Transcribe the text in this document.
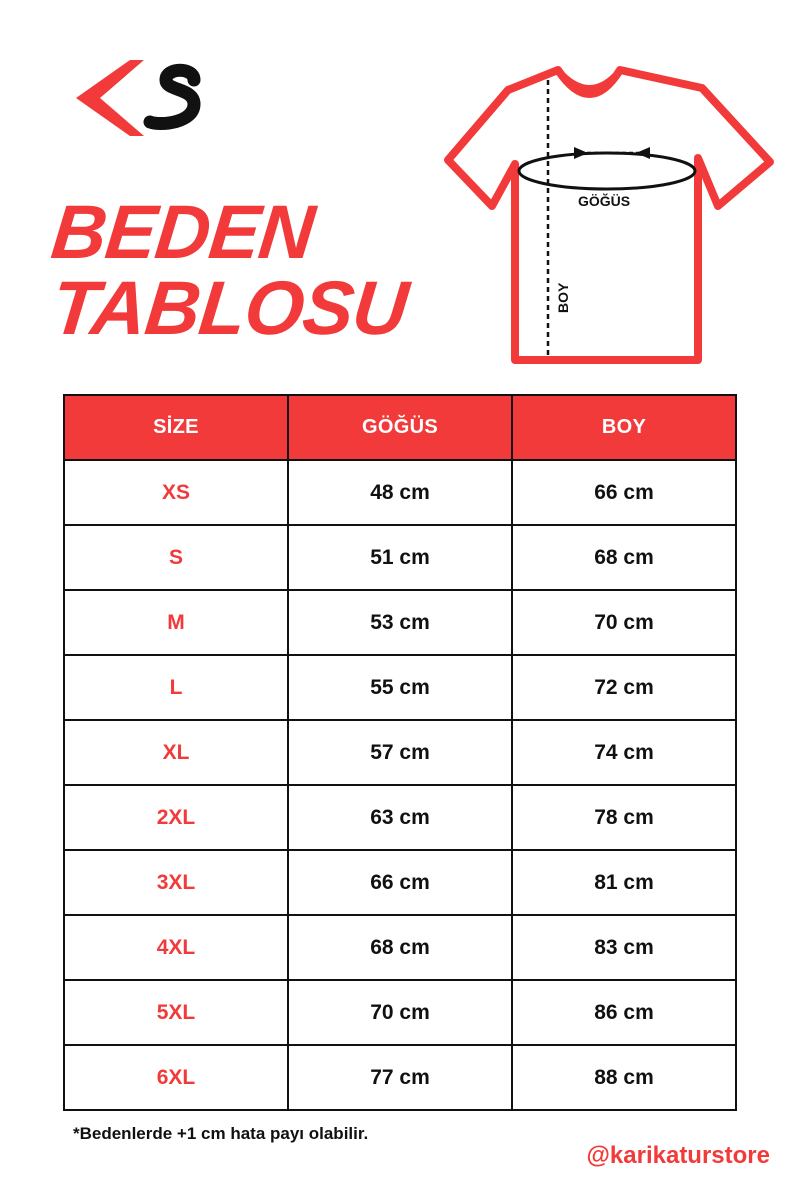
BEDEN
TABLOSU
GÖĞÜS
BOY
SİZE	GÖĞÜS	BOY
XS	48 cm	66 cm
S	51 cm	68 cm
M	53 cm	70 cm
L	55 cm	72 cm
XL	57 cm	74 cm
2XL	63 cm	78 cm
3XL	66 cm	81 cm
4XL	68 cm	83 cm
5XL	70 cm	86 cm
6XL	77 cm	88 cm
*Bedenlerde +1 cm hata payı olabilir.
@karikaturstore
